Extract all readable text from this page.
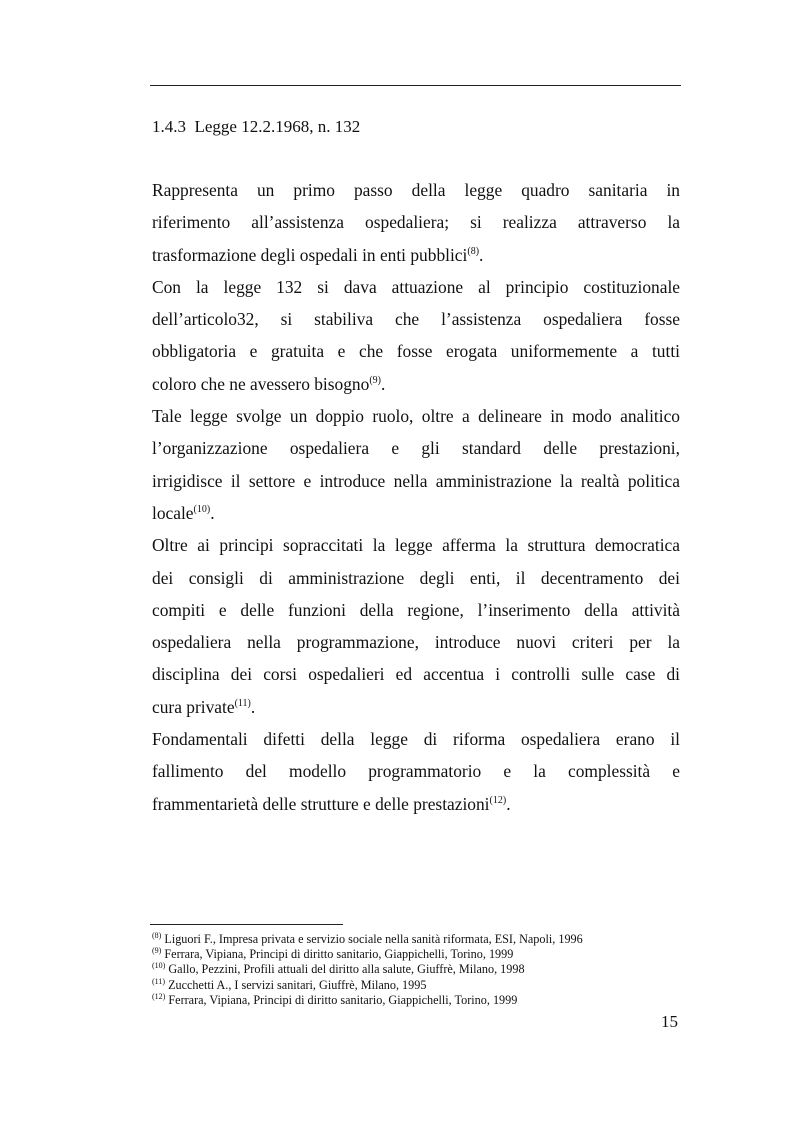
1.4.3 Legge 12.2.1968, n. 132

Rappresenta un primo passo della legge quadro sanitaria in
riferimento all’assistenza ospedaliera; si realizza attraverso la
trasformazione degli ospedali in enti pubblici$^{(8)}$.

Con la legge 132 si dava attuazione al principio costituzionale
dell’articolo32, si stabiliva che l’assistenza ospedaliera fosse
obbligatoria e gratuita e che fosse erogata uniformemente a tutti
coloro che ne avessero bisogno$^{(9)}$.

Tale legge svolge un doppio ruolo, oltre a delineare in modo analitico
l’organizzazione ospedaliera e gli standard delle prestazioni,
irrigidisce il settore e introduce nella amministrazione la realtà politica
locale$^{(10)}$.

Oltre ai principi sopraccitati la legge afferma la struttura democratica
dei consigli di amministrazione degli enti, il decentramento dei
compiti e delle funzioni della regione, l’inserimento della attività
ospedaliera nella programmazione, introduce nuovi criteri per la
disciplina dei corsi ospedalieri ed accentua i controlli sulle case di
cura private$^{(11)}$.

Fondamentali difetti della legge di riforma ospedaliera erano il
fallimento del modello programmatorio e la complessità e
frammentarietà delle strutture e delle prestazioni$^{(12)}$.

$^{(8)}$ Liguori F., Impresa privata e servizio sociale nella sanità riformata, ESI, Napoli, 1996
$^{(9)}$ Ferrara, Vipiana, Principi di diritto sanitario, Giappichelli, Torino, 1999
$^{(10)}$ Gallo, Pezzini, Profili attuali del diritto alla salute, Giuffrè, Milano, 1998
$^{(11)}$ Zucchetti A., I servizi sanitari, Giuffrè, Milano, 1995
$^{(12)}$ Ferrara, Vipiana, Principi di diritto sanitario, Giappichelli, Torino, 1999
15
